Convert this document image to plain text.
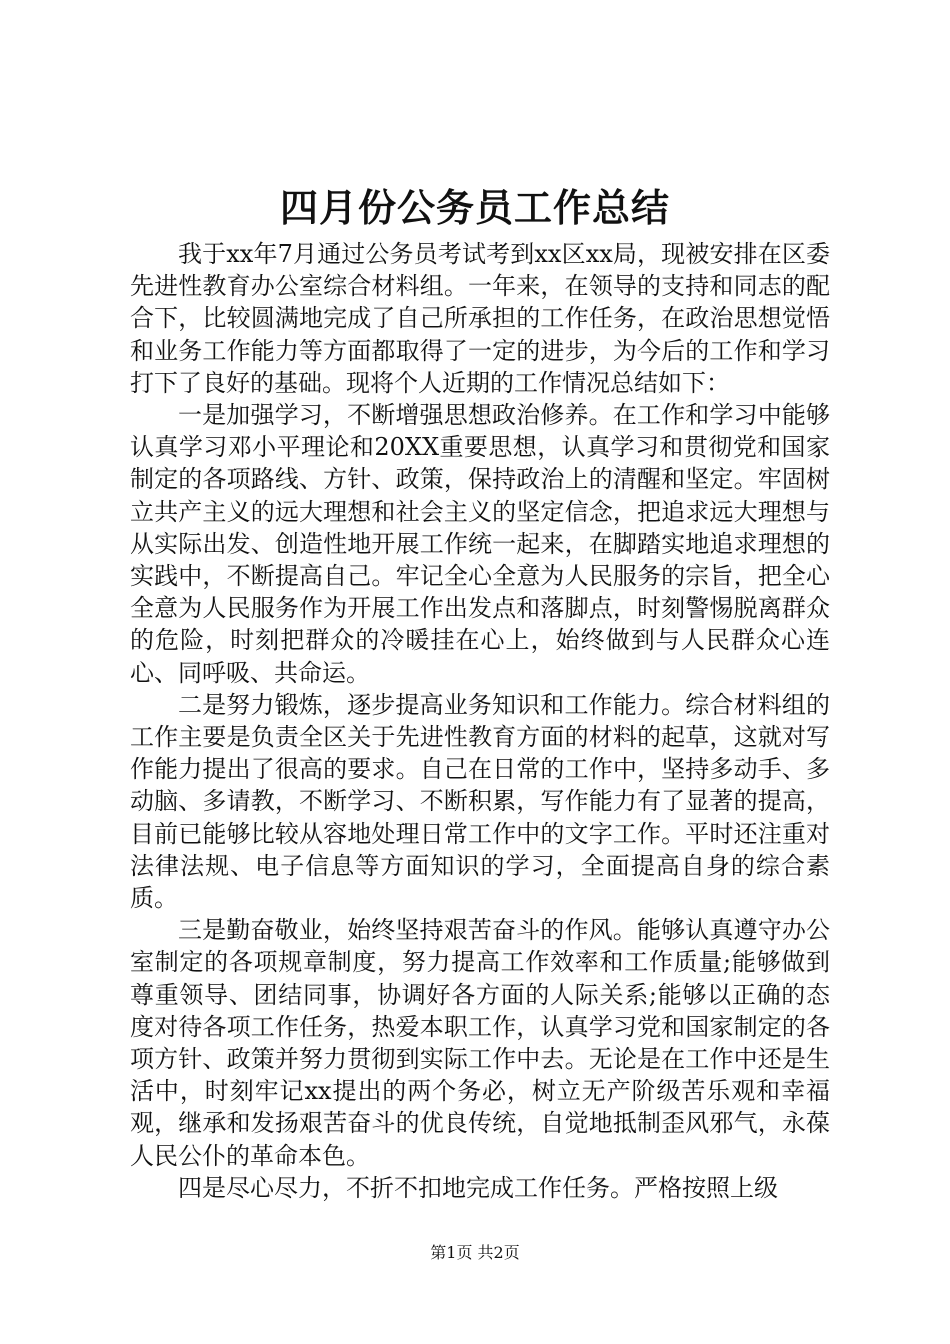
四月份公务员工作总结

我于xx年7月通过公务员考试考到xx区xx局，现被安排在区委先进性教育办公室综合材料组。一年来，在领导的支持和同志的配合下，比较圆满地完成了自己所承担的工作任务，在政治思想觉悟和业务工作能力等方面都取得了一定的进步，为今后的工作和学习打下了良好的基础。现将个人近期的工作情况总结如下：

一是加强学习，不断增强思想政治修养。在工作和学习中能够认真学习邓小平理论和20XX重要思想，认真学习和贯彻党和国家制定的各项路线、方针、政策，保持政治上的清醒和坚定。牢固树立共产主义的远大理想和社会主义的坚定信念，把追求远大理想与从实际出发、创造性地开展工作统一起来，在脚踏实地追求理想的实践中，不断提高自己。牢记全心全意为人民服务的宗旨，把全心全意为人民服务作为开展工作出发点和落脚点，时刻警惕脱离群众的危险，时刻把群众的冷暖挂在心上，始终做到与人民群众心连心、同呼吸、共命运。

二是努力锻炼，逐步提高业务知识和工作能力。综合材料组的工作主要是负责全区关于先进性教育方面的材料的起草，这就对写作能力提出了很高的要求。自己在日常的工作中，坚持多动手、多动脑、多请教，不断学习、不断积累，写作能力有了显著的提高，目前已能够比较从容地处理日常工作中的文字工作。平时还注重对法律法规、电子信息等方面知识的学习，全面提高自身的综合素质。

三是勤奋敬业，始终坚持艰苦奋斗的作风。能够认真遵守办公室制定的各项规章制度，努力提高工作效率和工作质量;能够做到尊重领导、团结同事，协调好各方面的人际关系;能够以正确的态度对待各项工作任务，热爱本职工作，认真学习党和国家制定的各项方针、政策并努力贯彻到实际工作中去。无论是在工作中还是生活中，时刻牢记xx提出的两个务必，树立无产阶级苦乐观和幸福观，继承和发扬艰苦奋斗的优良传统，自觉地抵制歪风邪气，永葆人民公仆的革命本色。

四是尽心尽力，不折不扣地完成工作任务。严格按照上级

第1页 共2页
